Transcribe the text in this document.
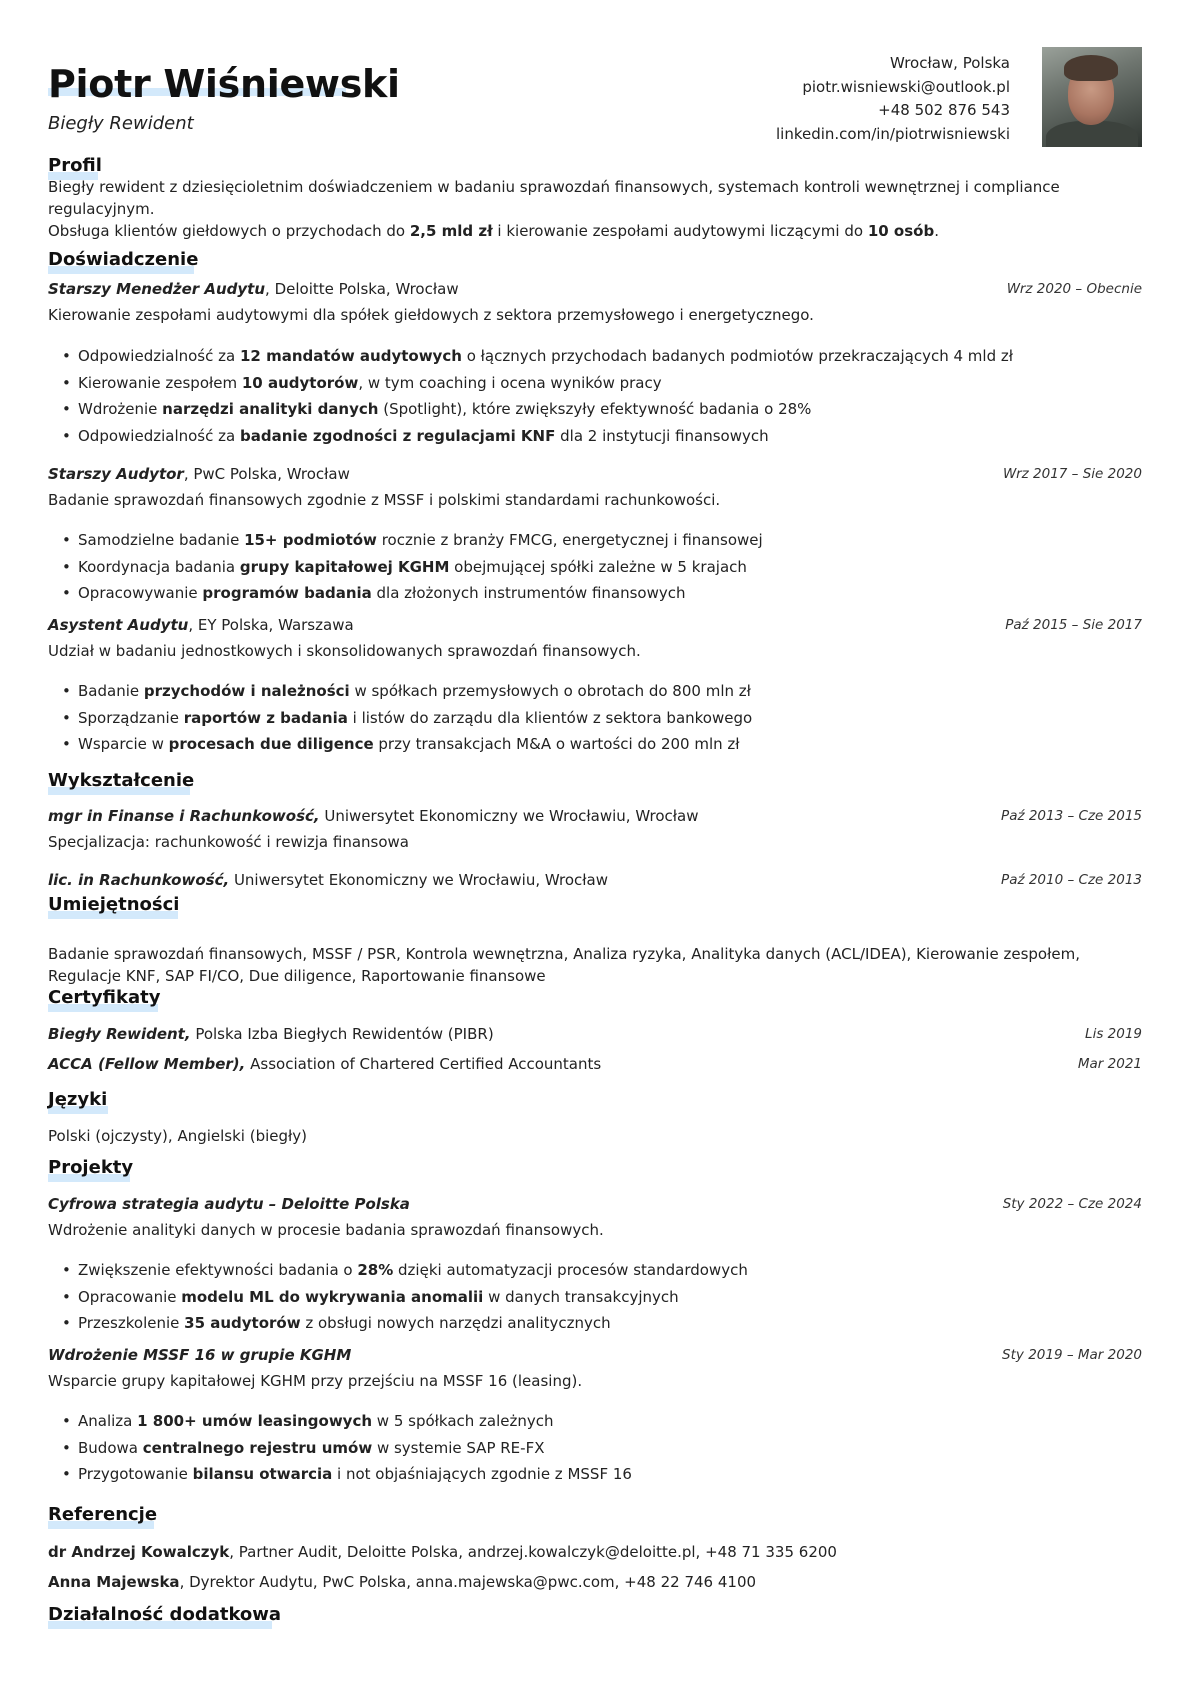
Piotr Wiśniewski
Biegły Rewident
Wrocław, Polska
piotr.wisniewski@outlook.pl
+48 502 876 543
linkedin.com/in/piotrwisniewski
Profil
Biegły rewident z dziesięcioletnim doświadczeniem w badaniu sprawozdań finansowych, systemach kontroli wewnętrznej i compliance regulacyjnym.
Obsługa klientów giełdowych o przychodach do 2,5 mld zł i kierowanie zespołami audytowymi liczącymi do 10 osób.
Doświadczenie
Starszy Menedżer Audytu, Deloitte Polska, Wrocław	Wrz 2020 – Obecnie
Kierowanie zespołami audytowymi dla spółek giełdowych z sektora przemysłowego i energetycznego.
• Odpowiedzialność za 12 mandatów audytowych o łącznych przychodach badanych podmiotów przekraczających 4 mld zł
• Kierowanie zespołem 10 audytorów, w tym coaching i ocena wyników pracy
• Wdrożenie narzędzi analityki danych (Spotlight), które zwiększyły efektywność badania o 28%
• Odpowiedzialność za badanie zgodności z regulacjami KNF dla 2 instytucji finansowych
Starszy Audytor, PwC Polska, Wrocław	Wrz 2017 – Sie 2020
Badanie sprawozdań finansowych zgodnie z MSSF i polskimi standardami rachunkowości.
• Samodzielne badanie 15+ podmiotów rocznie z branży FMCG, energetycznej i finansowej
• Koordynacja badania grupy kapitałowej KGHM obejmującej spółki zależne w 5 krajach
• Opracowywanie programów badania dla złożonych instrumentów finansowych
Asystent Audytu, EY Polska, Warszawa	Paź 2015 – Sie 2017
Udział w badaniu jednostkowych i skonsolidowanych sprawozdań finansowych.
• Badanie przychodów i należności w spółkach przemysłowych o obrotach do 800 mln zł
• Sporządzanie raportów z badania i listów do zarządu dla klientów z sektora bankowego
• Wsparcie w procesach due diligence przy transakcjach M&A o wartości do 200 mln zł
Wykształcenie
mgr in Finanse i Rachunkowość, Uniwersytet Ekonomiczny we Wrocławiu, Wrocław	Paź 2013 – Cze 2015
Specjalizacja: rachunkowość i rewizja finansowa
lic. in Rachunkowość, Uniwersytet Ekonomiczny we Wrocławiu, Wrocław	Paź 2010 – Cze 2013
Umiejętności
Badanie sprawozdań finansowych, MSSF / PSR, Kontrola wewnętrzna, Analiza ryzyka, Analityka danych (ACL/IDEA), Kierowanie zespołem, Regulacje KNF, SAP FI/CO, Due diligence, Raportowanie finansowe
Certyfikaty
Biegły Rewident, Polska Izba Biegłych Rewidentów (PIBR)	Lis 2019
ACCA (Fellow Member), Association of Chartered Certified Accountants	Mar 2021
Języki
Polski (ojczysty), Angielski (biegły)
Projekty
Cyfrowa strategia audytu – Deloitte Polska	Sty 2022 – Cze 2024
Wdrożenie analityki danych w procesie badania sprawozdań finansowych.
• Zwiększenie efektywności badania o 28% dzięki automatyzacji procesów standardowych
• Opracowanie modelu ML do wykrywania anomalii w danych transakcyjnych
• Przeszkolenie 35 audytorów z obsługi nowych narzędzi analitycznych
Wdrożenie MSSF 16 w grupie KGHM	Sty 2019 – Mar 2020
Wsparcie grupy kapitałowej KGHM przy przejściu na MSSF 16 (leasing).
• Analiza 1 800+ umów leasingowych w 5 spółkach zależnych
• Budowa centralnego rejestru umów w systemie SAP RE-FX
• Przygotowanie bilansu otwarcia i not objaśniających zgodnie z MSSF 16
Referencje
dr Andrzej Kowalczyk, Partner Audit, Deloitte Polska, andrzej.kowalczyk@deloitte.pl, +48 71 335 6200
Anna Majewska, Dyrektor Audytu, PwC Polska, anna.majewska@pwc.com, +48 22 746 4100
Działalność dodatkowa
